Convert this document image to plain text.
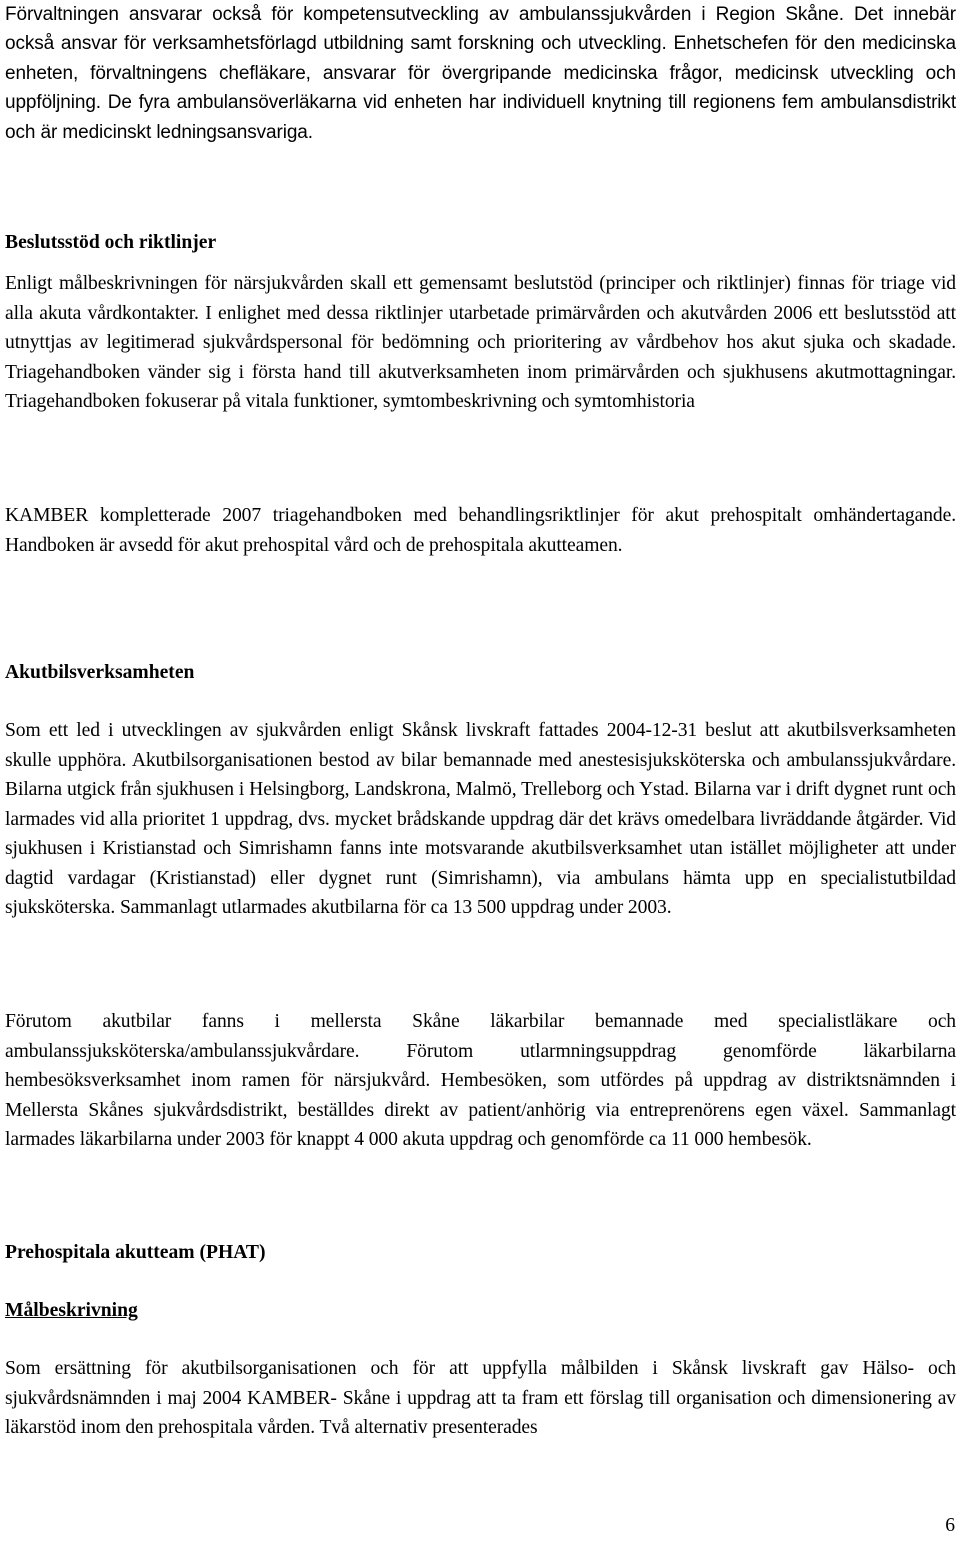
Förvaltningen ansvarar också för kompetensutveckling av ambulanssjukvården i Region Skåne. Det innebär också ansvar för verksamhetsförlagd utbildning samt forskning och utveckling. Enhetschefen för den medicinska enheten, förvaltningens chefläkare, ansvarar för övergripande medicinska frågor, medicinsk utveckling och uppföljning. De fyra ambulansöverläkarna vid enheten har individuell knytning till regionens fem ambulansdistrikt och är medicinskt ledningsansvariga.

Beslutsstöd och riktlinjer

Enligt målbeskrivningen för närsjukvården skall ett gemensamt beslutstöd (principer och riktlinjer) finnas för triage vid alla akuta vårdkontakter. I enlighet med dessa riktlinjer utarbetade primärvården och akutvården 2006 ett beslutsstöd att utnyttjas av legitimerad sjukvårdspersonal för bedömning och prioritering av vårdbehov hos akut sjuka och skadade. Triagehandboken vänder sig i första hand till akutverksamheten inom primärvården och sjukhusens akutmottagningar. Triagehandboken fokuserar på vitala funktioner, symtombeskrivning och symtomhistoria

KAMBER kompletterade 2007 triagehandboken med behandlingsriktlinjer för akut prehospitalt omhändertagande. Handboken är avsedd för akut prehospital vård och de prehospitala akutteamen.

Akutbilsverksamheten

Som ett led i utvecklingen av sjukvården enligt Skånsk livskraft fattades 2004-12-31 beslut att akutbilsverksamheten skulle upphöra. Akutbilsorganisationen bestod av bilar bemannade med anestesisjuksköterska och ambulanssjukvårdare. Bilarna utgick från sjukhusen i Helsingborg, Landskrona, Malmö, Trelleborg och Ystad. Bilarna var i drift dygnet runt och larmades vid alla prioritet 1 uppdrag, dvs. mycket brådskande uppdrag där det krävs omedelbara livräddande åtgärder. Vid sjukhusen i Kristianstad och Simrishamn fanns inte motsvarande akutbilsverksamhet utan istället möjligheter att under dagtid vardagar (Kristianstad) eller dygnet runt (Simrishamn), via ambulans hämta upp en specialistutbildad sjuksköterska. Sammanlagt utlarmades akutbilarna för ca 13 500 uppdrag under 2003.

Förutom akutbilar fanns i mellersta Skåne läkarbilar bemannade med specialistläkare och ambulanssjuksköterska/ambulanssjukvårdare. Förutom utlarmningsuppdrag genomförde läkarbilarna hembesöksverksamhet inom ramen för närsjukvård. Hembesöken, som utfördes på uppdrag av distriktsnämnden i Mellersta Skånes sjukvårdsdistrikt, beställdes direkt av patient/anhörig via entreprenörens egen växel. Sammanlagt larmades läkarbilarna under 2003 för knappt 4 000 akuta uppdrag och genomförde ca 11 000 hembesök.

Prehospitala akutteam (PHAT)
Målbeskrivning

Som ersättning för akutbilsorganisationen och för att uppfylla målbilden i Skånsk livskraft gav Hälso- och sjukvårdsnämnden i maj 2004 KAMBER- Skåne i uppdrag att ta fram ett förslag till organisation och dimensionering av läkarstöd inom den prehospitala vården. Två alternativ presenterades

6
